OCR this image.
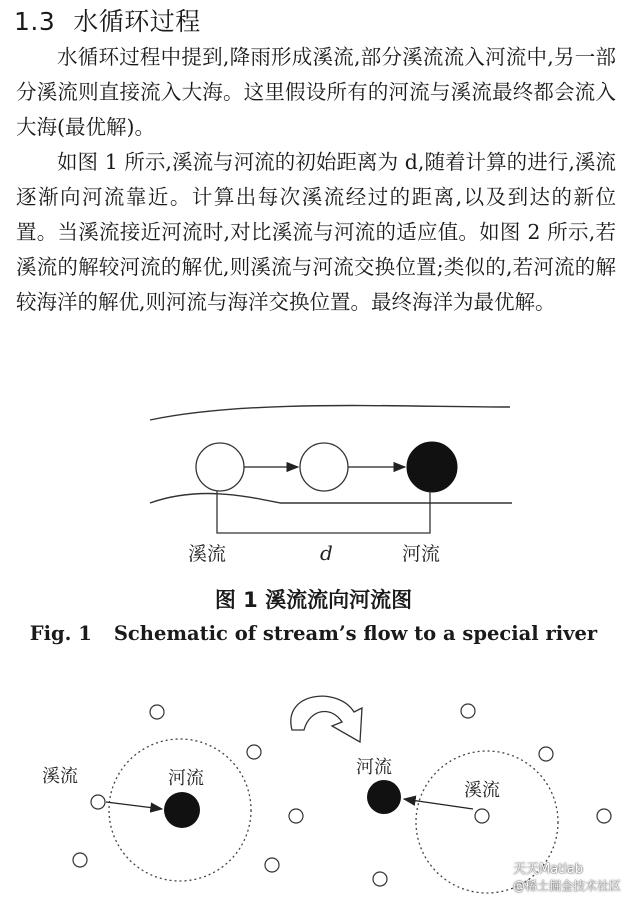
1.3 水循环过程

水循环过程中提到,降雨形成溪流,部分溪流流入河流中,另一部分溪流则直接流入大海。这里假设所有的河流与溪流最终都会流入大海(最优解)。

如图 1 所示,溪流与河流的初始距离为 d,随着计算的进行,溪流逐渐向河流靠近。计算出每次溪流经过的距离,以及到达的新位置。当溪流接近河流时,对比溪流与河流的适应值。如图 2 所示,若溪流的解较河流的解优,则溪流与河流交换位置;类似的,若河流的解较海洋的解优,则河流与海洋交换位置。最终海洋为最优解。

溪流	d	河流
图 1 溪流流向河流图
Fig. 1 Schematic of stream’s flow to a special river
溪流	河流
河流
溪流
天天Matlab
@稀土掘金技术社区
